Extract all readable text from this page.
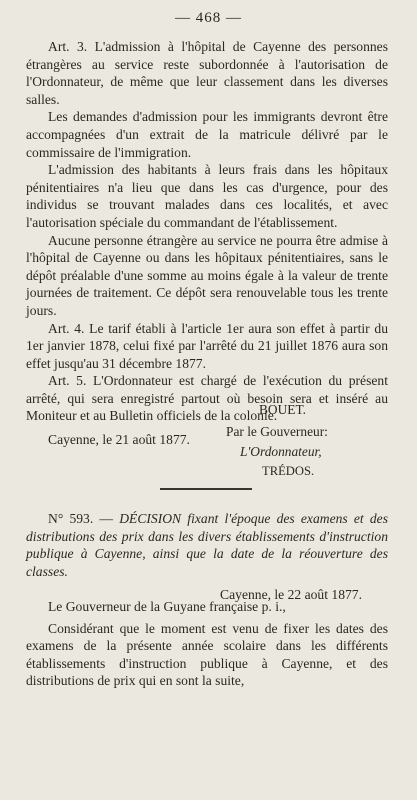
— 468 —

Art. 3. L'admission à l'hôpital de Cayenne des personnes étrangères au service reste subordonnée à l'autorisation de l'Ordonnateur, de même que leur classement dans les diverses salles.

Les demandes d'admission pour les immigrants devront être accompagnées d'un extrait de la matricule délivré par le commissaire de l'immigration.

L'admission des habitants à leurs frais dans les hôpitaux pénitentiaires n'a lieu que dans les cas d'urgence, pour des individus se trouvant malades dans ces localités, et avec l'autorisation spéciale du commandant de l'établissement.

Aucune personne étrangère au service ne pourra être admise à l'hôpital de Cayenne ou dans les hôpitaux pénitentiaires, sans le dépôt préalable d'une somme au moins égale à la valeur de trente journées de traitement. Ce dépôt sera renouvelable tous les trente jours.

Art. 4. Le tarif établi à l'article 1er aura son effet à partir du 1er janvier 1878, celui fixé par l'arrêté du 21 juillet 1876 aura son effet jusqu'au 31 décembre 1877.

Art. 5. L'Ordonnateur est chargé de l'exécution du présent arrêté, qui sera enregistré partout où besoin sera et inséré au Moniteur et au Bulletin officiels de la colonie.

Cayenne, le 21 août 1877.

BOUET.
Par le Gouverneur:
L'Ordonnateur,
TRÉDOS.

N° 593. — DÉCISION fixant l'époque des examens et des distributions des prix dans les divers établissements d'instruction publique à Cayenne, ainsi que la date de la réouverture des classes.

Cayenne, le 22 août 1877.

Le Gouverneur de la Guyane française p. i.,

Considérant que le moment est venu de fixer les dates des examens de la présente année scolaire dans les différents établissements d'instruction publique à Cayenne, et des distributions de prix qui en sont la suite,
